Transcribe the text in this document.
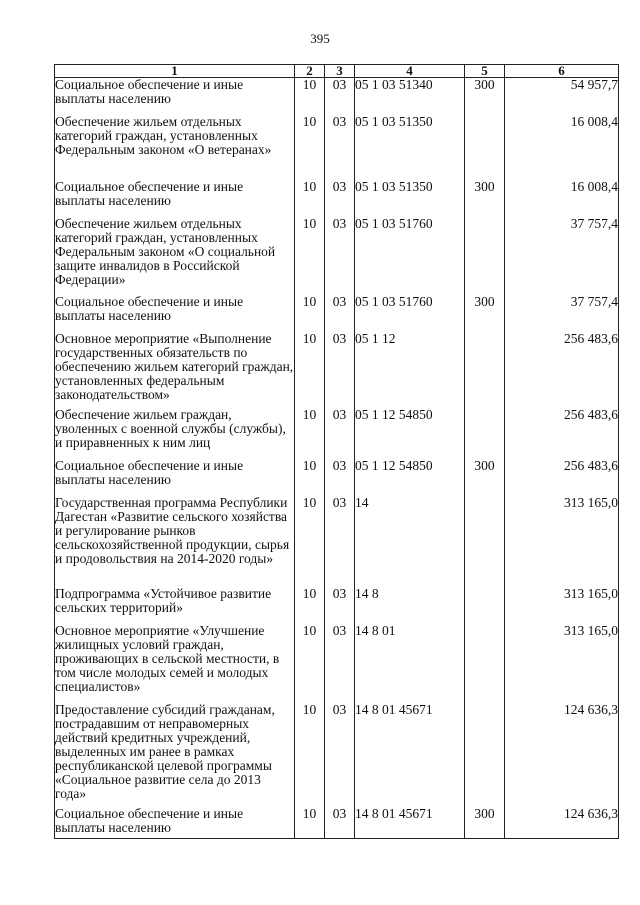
395
1	2	3	4	5	6
Социальное обеспечение и иные выплаты населению	10	03	05 1 03 51340	300	54 957,7
Обеспечение жильем отдельных категорий граждан, установленных Федеральным законом «О ветеранах»	10	03	05 1 03 51350		16 008,4
Социальное обеспечение и иные выплаты населению	10	03	05 1 03 51350	300	16 008,4
Обеспечение жильем отдельных категорий граждан, установленных Федеральным законом «О социальной защите инвалидов в Российской Федерации»	10	03	05 1 03 51760		37 757,4
Социальное обеспечение и иные выплаты населению	10	03	05 1 03 51760	300	37 757,4
Основное мероприятие «Выполнение государственных обязательств по обеспечению жильем категорий граждан, установленных федеральным законодательством»	10	03	05 1 12		256 483,6
Обеспечение жильем граждан, уволенных с военной службы (службы), и приравненных к ним лиц	10	03	05 1 12 54850		256 483,6
Социальное обеспечение и иные выплаты населению	10	03	05 1 12 54850	300	256 483,6
Государственная программа Республики Дагестан «Развитие сельского хозяйства и регулирование рынков сельскохозяйственной продукции, сырья и продовольствия на 2014-2020 годы»	10	03	14		313 165,0
Подпрограмма «Устойчивое развитие сельских территорий»	10	03	14 8		313 165,0
Основное мероприятие «Улучшение жилищных условий граждан, проживающих в сельской местности, в том числе молодых семей и молодых специалистов»	10	03	14 8 01		313 165,0
Предоставление субсидий гражданам, пострадавшим от неправомерных действий кредитных учреждений, выделенных им ранее в рамках республиканской целевой программы «Социальное развитие села до 2013 года»	10	03	14 8 01 45671		124 636,3
Социальное обеспечение и иные выплаты населению	10	03	14 8 01 45671	300	124 636,3
